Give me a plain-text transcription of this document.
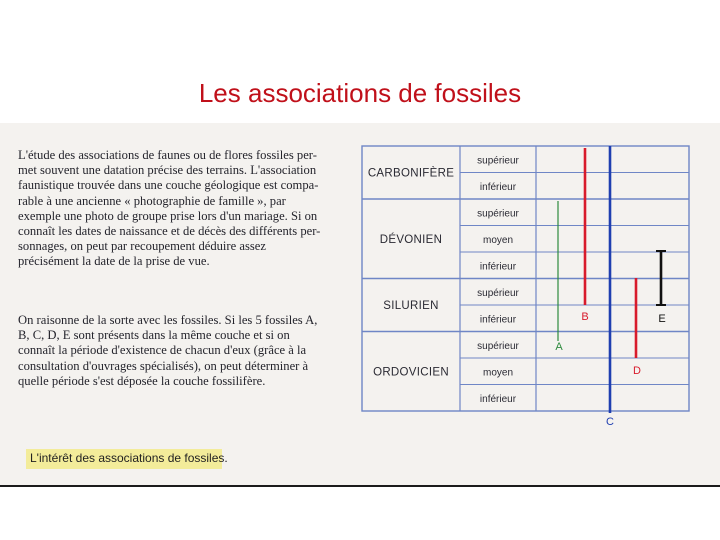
Les associations de fossiles
L'étude des associations de faunes ou de flores fossiles per-
met souvent une datation précise des terrains. L'association
faunistique trouvée dans une couche géologique est compa-
rable à une ancienne « photographie de famille », par
exemple une photo de groupe prise lors d'un mariage. Si on
connaît les dates de naissance et de décès des différents per-
sonnages, on peut par recoupement déduire assez
précisément la date de la prise de vue.
On raisonne de la sorte avec les fossiles. Si les 5 fossiles A,
B, C, D, E sont présents dans la même couche et si on
connaît la période d'existence de chacun d'eux (grâce à la
consultation d'ouvrages spécialisés), on peut déterminer à
quelle période s'est déposée la couche fossilifère.
L'intérêt des associations de fossiles.
CARBONIFÈRE
supérieur
inférieur
DÉVONIEN
supérieur
moyen
inférieur
SILURIEN
supérieur
inférieur
ORDOVICIEN
supérieur
moyen
inférieur
A
B
C
D
E
